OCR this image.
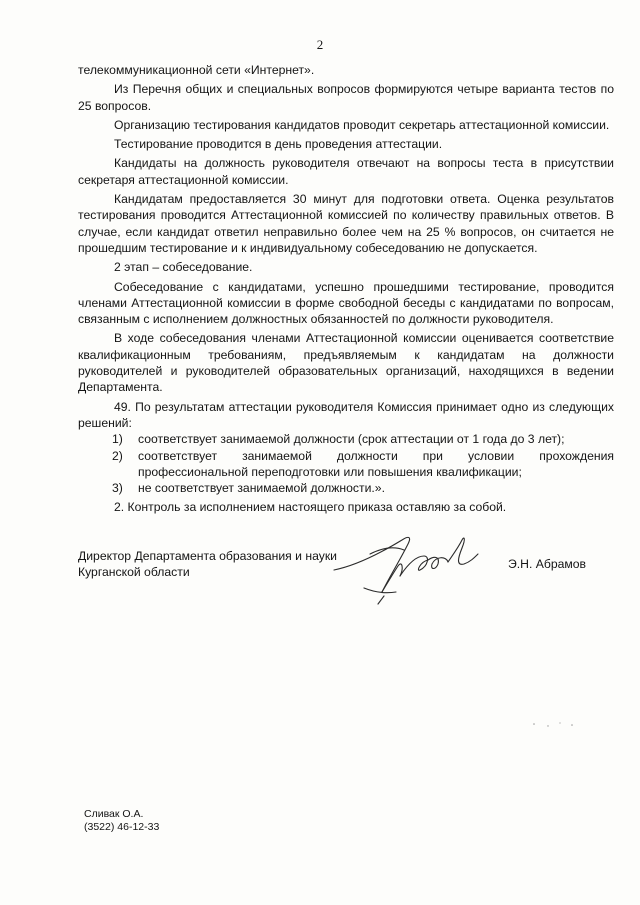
2

телекоммуникационной сети «Интернет».

Из Перечня общих и специальных вопросов формируются четыре варианта тестов по 25 вопросов.

Организацию тестирования кандидатов проводит секретарь аттестационной комиссии.

Тестирование проводится в день проведения аттестации.

Кандидаты на должность руководителя отвечают на вопросы теста в присутствии секретаря аттестационной комиссии.

Кандидатам предоставляется 30 минут для подготовки ответа. Оценка результатов тестирования проводится Аттестационной комиссией по количеству правильных ответов. В случае, если кандидат ответил неправильно более чем на 25 % вопросов, он считается не прошедшим тестирование и к индивидуальному собеседованию не допускается.

2 этап – собеседование.

Собеседование с кандидатами, успешно прошедшими тестирование, проводится членами Аттестационной комиссии в форме свободной беседы с кандидатами по вопросам, связанным с исполнением должностных обязанностей по должности руководителя.

В ходе собеседования членами Аттестационной комиссии оценивается соответствие квалификационным требованиям, предъявляемым к кандидатам на должности руководителей и руководителей образовательных организаций, находящихся в ведении Департамента.

49. По результатам аттестации руководителя Комиссия принимает одно из следующих решений:

1) соответствует занимаемой должности (срок аттестации от 1 года до 3 лет);
2) соответствует занимаемой должности при условии прохождения профессиональной переподготовки или повышения квалификации;
3) не соответствует занимаемой должности.».

2. Контроль за исполнением настоящего приказа оставляю за собой.

Директор Департамента образования и науки
Курганской области
Э.Н. Абрамов
Сливак О.А.
(3522) 46-12-33
